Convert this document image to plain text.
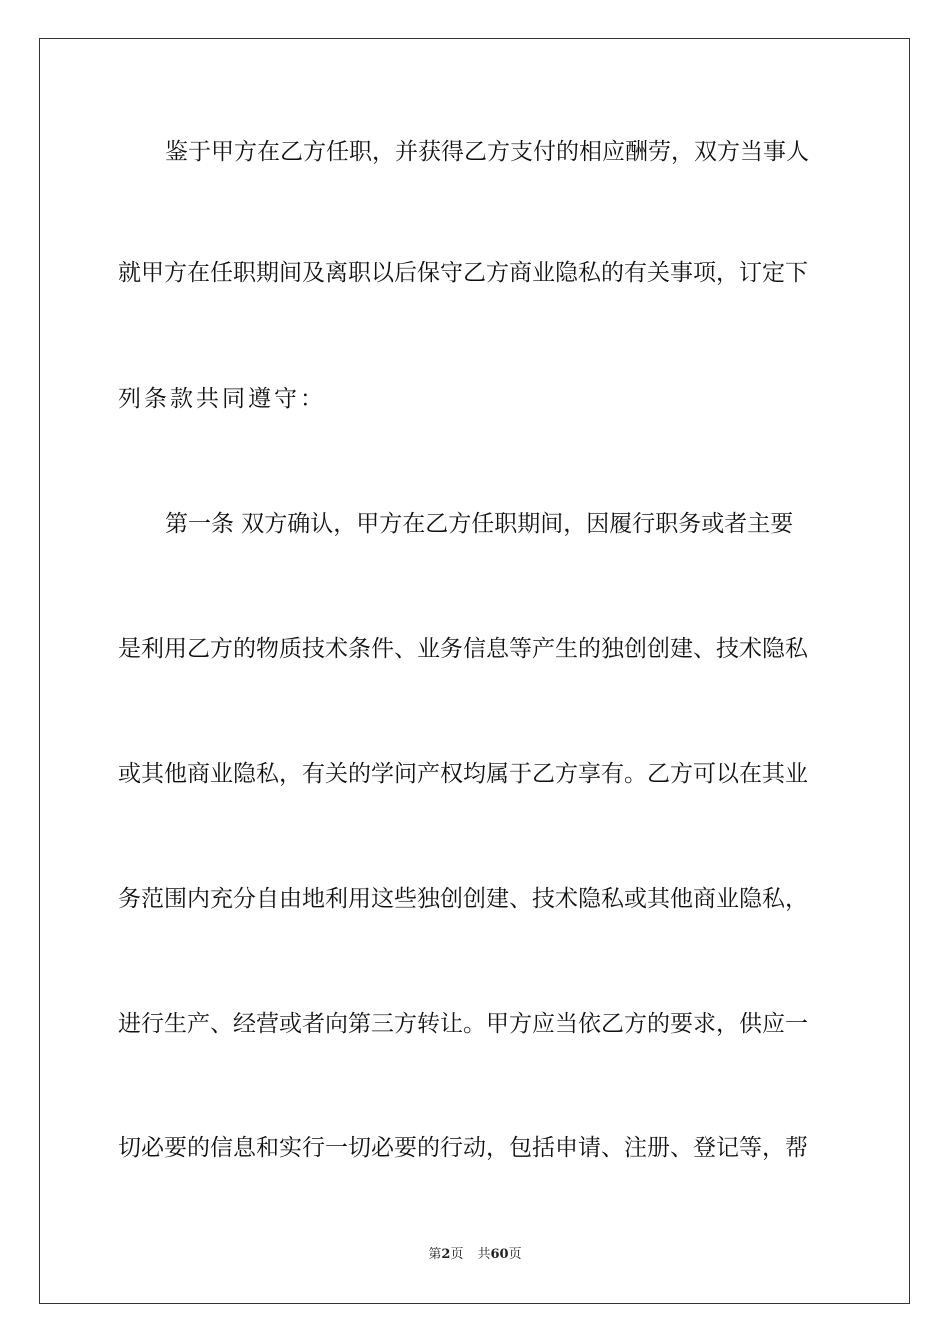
鉴于甲方在乙方任职，并获得乙方支付的相应酬劳，双方当事人
就甲方在任职期间及离职以后保守乙方商业隐私的有关事项，订定下
列条款共同遵守：
第一条 双方确认，甲方在乙方任职期间，因履行职务或者主要
是利用乙方的物质技术条件、业务信息等产生的独创创建、技术隐私
或其他商业隐私，有关的学问产权均属于乙方享有。乙方可以在其业
务范围内充分自由地利用这些独创创建、技术隐私或其他商业隐私，
进行生产、经营或者向第三方转让。甲方应当依乙方的要求，供应一
切必要的信息和实行一切必要的行动，包括申请、注册、登记等，帮
第2页 共60页
